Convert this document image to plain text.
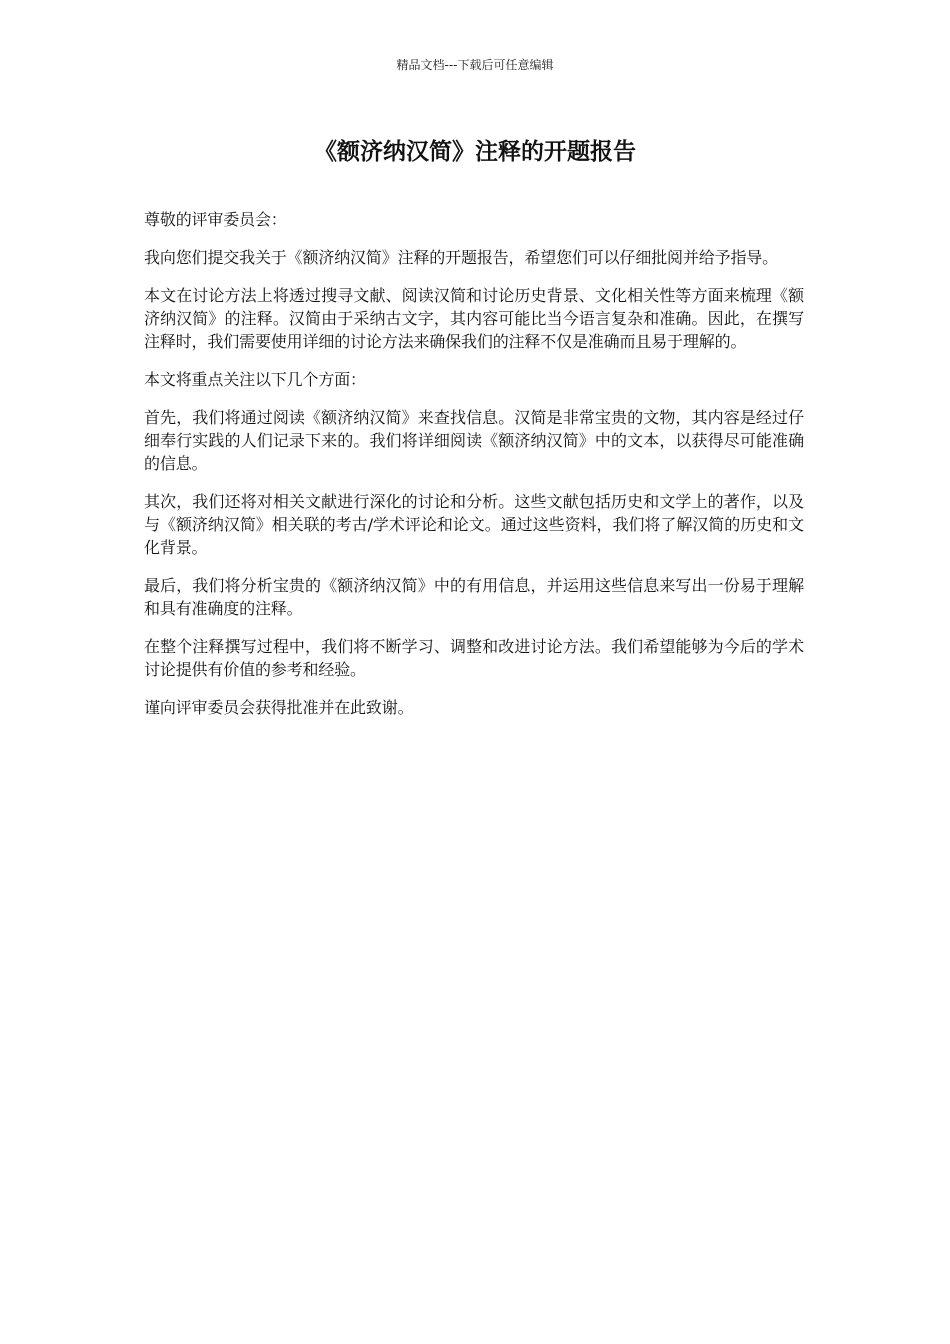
精品文档---下载后可任意编辑
《额济纳汉简》注释的开题报告

尊敬的评审委员会：

我向您们提交我关于《额济纳汉简》注释的开题报告，希望您们可以仔细批阅并给予指导。

本文在讨论方法上将透过搜寻文献、阅读汉简和讨论历史背景、文化相关性等方面来梳理《额济纳汉简》的注释。汉简由于采纳古文字，其内容可能比当今语言复杂和准确。因此，在撰写注释时，我们需要使用详细的讨论方法来确保我们的注释不仅是准确而且易于理解的。

本文将重点关注以下几个方面：

首先，我们将通过阅读《额济纳汉简》来查找信息。汉简是非常宝贵的文物，其内容是经过仔细奉行实践的人们记录下来的。我们将详细阅读《额济纳汉简》中的文本，以获得尽可能准确的信息。

其次，我们还将对相关文献进行深化的讨论和分析。这些文献包括历史和文学上的著作，以及与《额济纳汉简》相关联的考古/学术评论和论文。通过这些资料，我们将了解汉简的历史和文化背景。

最后，我们将分析宝贵的《额济纳汉简》中的有用信息，并运用这些信息来写出一份易于理解和具有准确度的注释。

在整个注释撰写过程中，我们将不断学习、调整和改进讨论方法。我们希望能够为今后的学术讨论提供有价值的参考和经验。

谨向评审委员会获得批准并在此致谢。
